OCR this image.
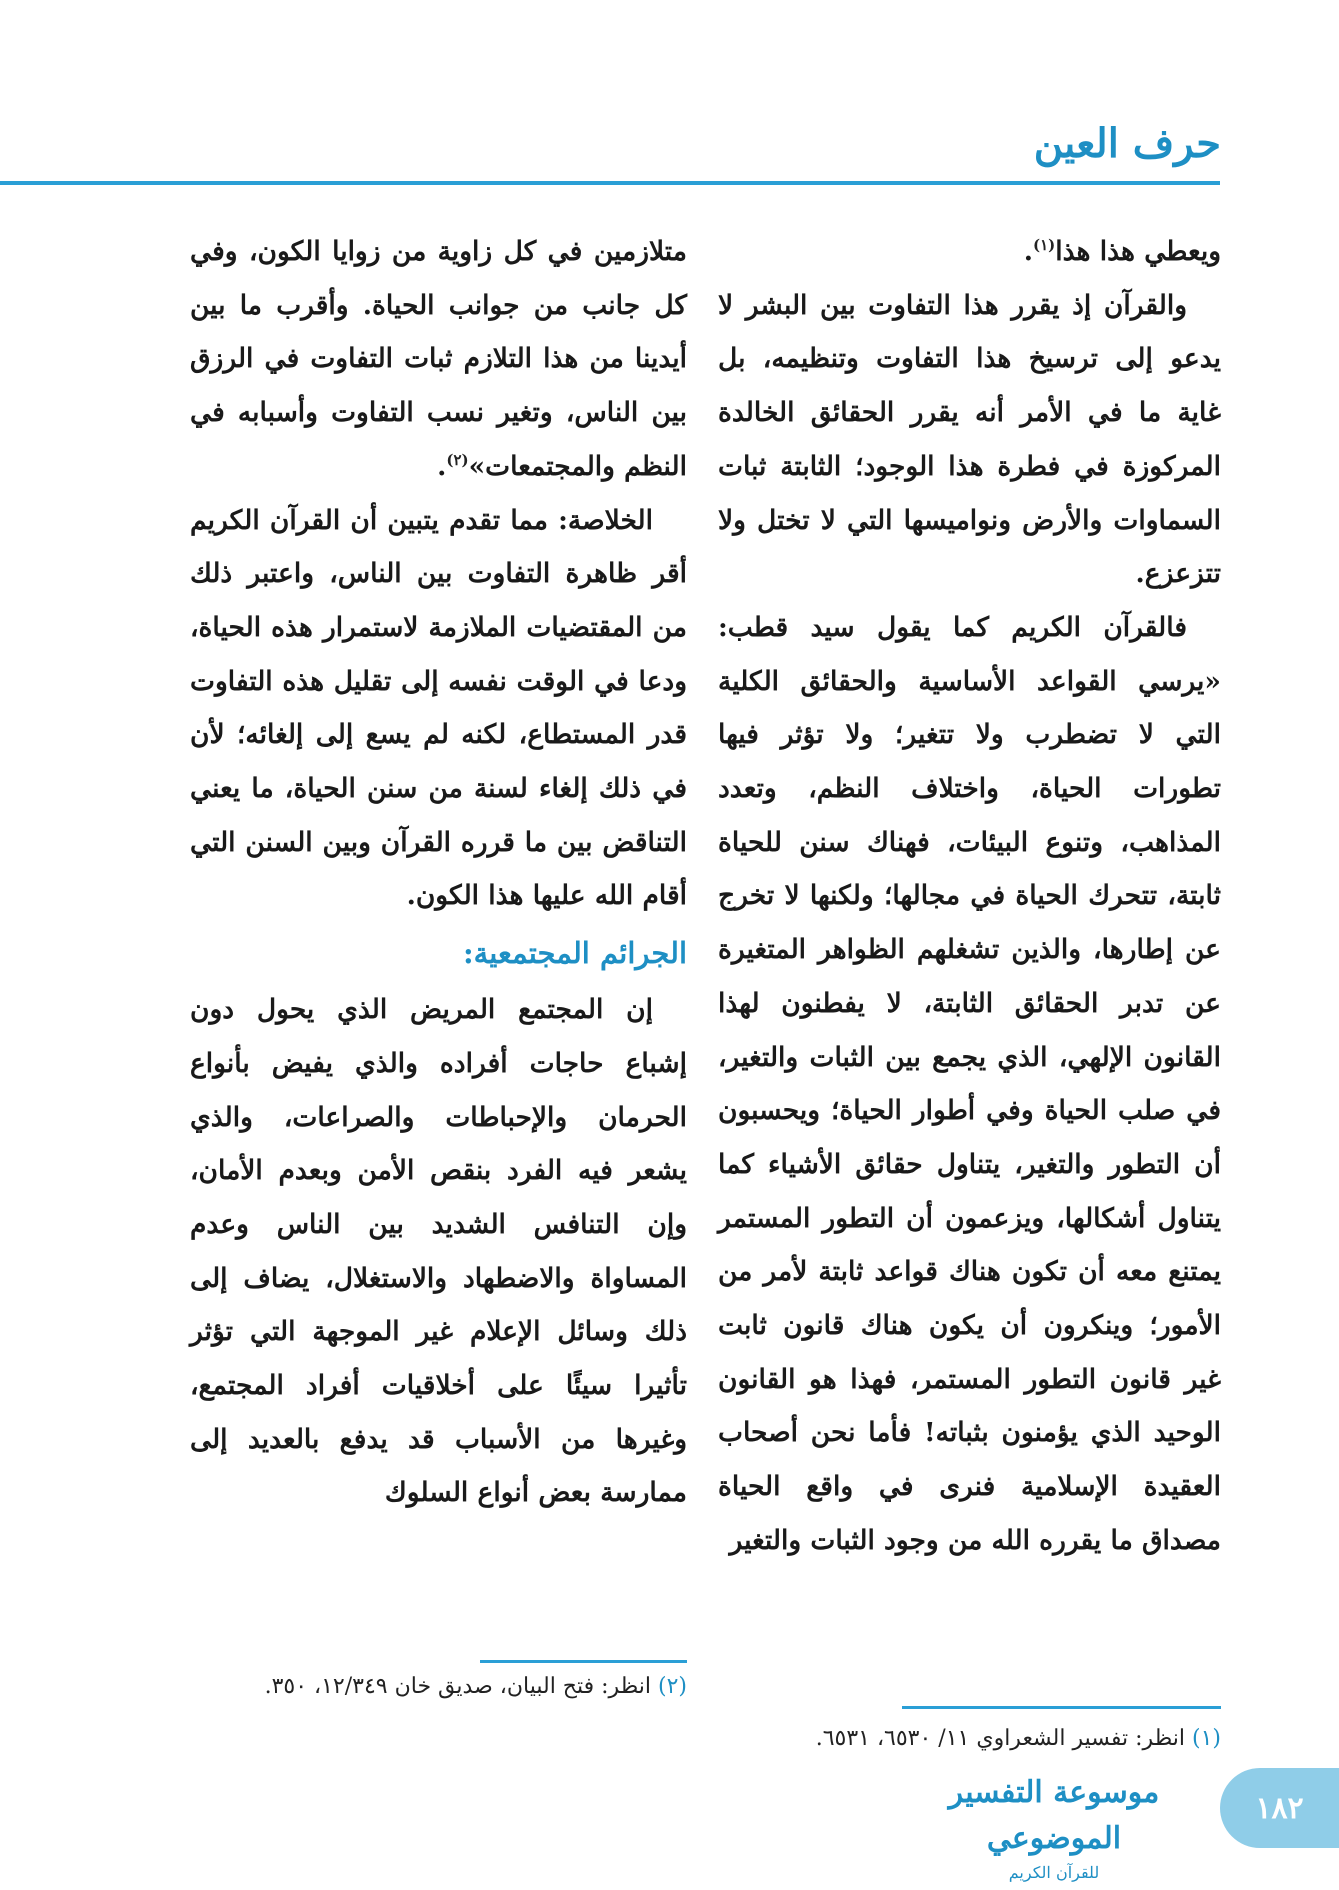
حرف العين

ويعطي هذا هذا$^{(١)}$.

والقرآن إذ يقرر هذا التفاوت بين البشر لا يدعو إلى ترسيخ هذا التفاوت وتنظيمه، بل غاية ما في الأمر أنه يقرر الحقائق الخالدة المركوزة في فطرة هذا الوجود؛ الثابتة ثبات السماوات والأرض ونواميسها التي لا تختل ولا تتزعزع.

فالقرآن الكريم كما يقول سيد قطب: «يرسي القواعد الأساسية والحقائق الكلية التي لا تضطرب ولا تتغير؛ ولا تؤثر فيها تطورات الحياة، واختلاف النظم، وتعدد المذاهب، وتنوع البيئات، فهناك سنن للحياة ثابتة، تتحرك الحياة في مجالها؛ ولكنها لا تخرج عن إطارها، والذين تشغلهم الظواهر المتغيرة عن تدبر الحقائق الثابتة، لا يفطنون لهذا القانون الإلهي، الذي يجمع بين الثبات والتغير، في صلب الحياة وفي أطوار الحياة؛ ويحسبون أن التطور والتغير، يتناول حقائق الأشياء كما يتناول أشكالها، ويزعمون أن التطور المستمر يمتنع معه أن تكون هناك قواعد ثابتة لأمر من الأمور؛ وينكرون أن يكون هناك قانون ثابت غير قانون التطور المستمر، فهذا هو القانون الوحيد الذي يؤمنون بثباته! فأما نحن أصحاب العقيدة الإسلامية فنرى في واقع الحياة مصداق ما يقرره الله من وجود الثبات والتغير

متلازمين في كل زاوية من زوايا الكون، وفي كل جانب من جوانب الحياة. وأقرب ما بين أيدينا من هذا التلازم ثبات التفاوت في الرزق بين الناس، وتغير نسب التفاوت وأسبابه في النظم والمجتمعات»$^{(٢)}$.

الخلاصة: مما تقدم يتبين أن القرآن الكريم أقر ظاهرة التفاوت بين الناس، واعتبر ذلك من المقتضيات الملازمة لاستمرار هذه الحياة، ودعا في الوقت نفسه إلى تقليل هذه التفاوت قدر المستطاع، لكنه لم يسع إلى إلغائه؛ لأن في ذلك إلغاء لسنة من سنن الحياة، ما يعني التناقض بين ما قرره القرآن وبين السنن التي أقام الله عليها هذا الكون.

الجرائم المجتمعية:

إن المجتمع المريض الذي يحول دون إشباع حاجات أفراده والذي يفيض بأنواع الحرمان والإحباطات والصراعات، والذي يشعر فيه الفرد بنقص الأمن وبعدم الأمان، وإن التنافس الشديد بين الناس وعدم المساواة والاضطهاد والاستغلال، يضاف إلى ذلك وسائل الإعلام غير الموجهة التي تؤثر تأثيرا سيئًا على أخلاقيات أفراد المجتمع، وغيرها من الأسباب قد يدفع بالعديد إلى ممارسة بعض أنواع السلوك

(٢) انظر: فتح البيان، صديق خان ١٢/٣٤٩، ٣٥٠.
(١) انظر: تفسير الشعراوي ١١/ ٦٥٣٠، ٦٥٣١.
موسوعة التفسير الموضوعي
للقرآن الكريم
١٨٢
